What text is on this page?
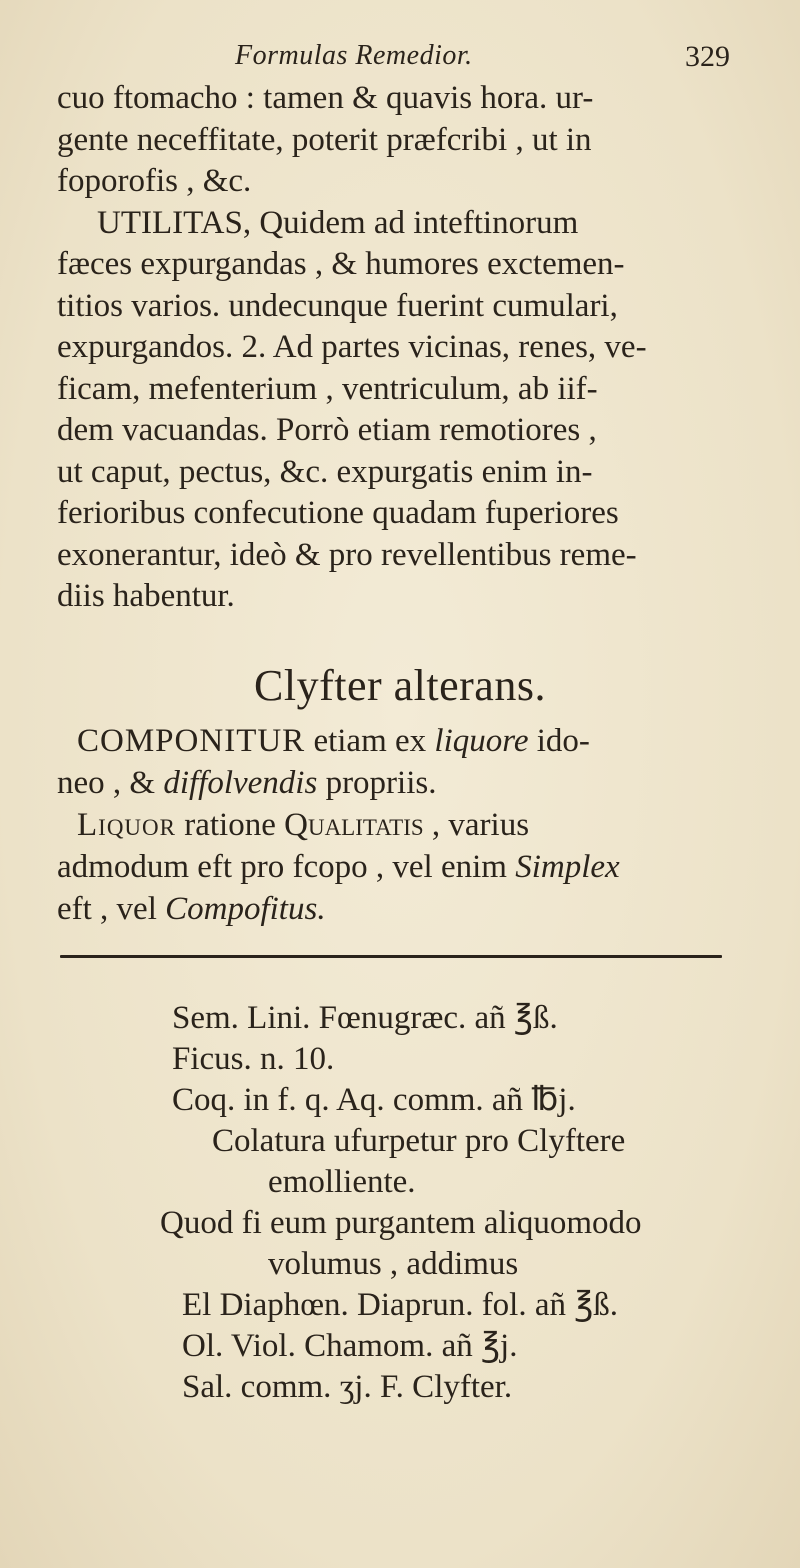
Formulas Remedior.	329

cuo ftomacho : tamen & quavis hora. ur-

gente neceffitate, poterit præfcribi , ut in

foporofis , &c.

UTILITAS, Quidem ad inteftinorum

fæces expurgandas , & humores exctemen-

titios varios. undecunque fuerint cumulari,

expurgandos. 2. Ad partes vicinas, renes, ve-

ficam, mefenterium , ventriculum, ab iif-

dem vacuandas. Porrò etiam remotiores ,

ut caput, pectus, &c. expurgatis enim in-

ferioribus confecutione quadam fuperiores

exonerantur, ideò & pro revellentibus reme-

diis habentur.

Clyfter alterans.

COMPONITUR etiam ex liquore ido-

neo , & diffolvendis propriis.

Liquor ratione Qualitatis , varius

admodum eft pro fcopo , vel enim Simplex

eft , vel Compofitus.

Sem. Lini. Fœnugræc. añ ℥ß.
Ficus. n. 10.
Coq. in f. q. Aq. comm. añ ℔j.
Colatura ufurpetur pro Clyftere
emolliente.
Quod fi eum purgantem aliquomodo
volumus , addimus
El Diaphœn. Diaprun. fol. añ ℥ß.
Ol. Viol. Chamom. añ ℥j.
Sal. comm. ʒj. F. Clyfter.
